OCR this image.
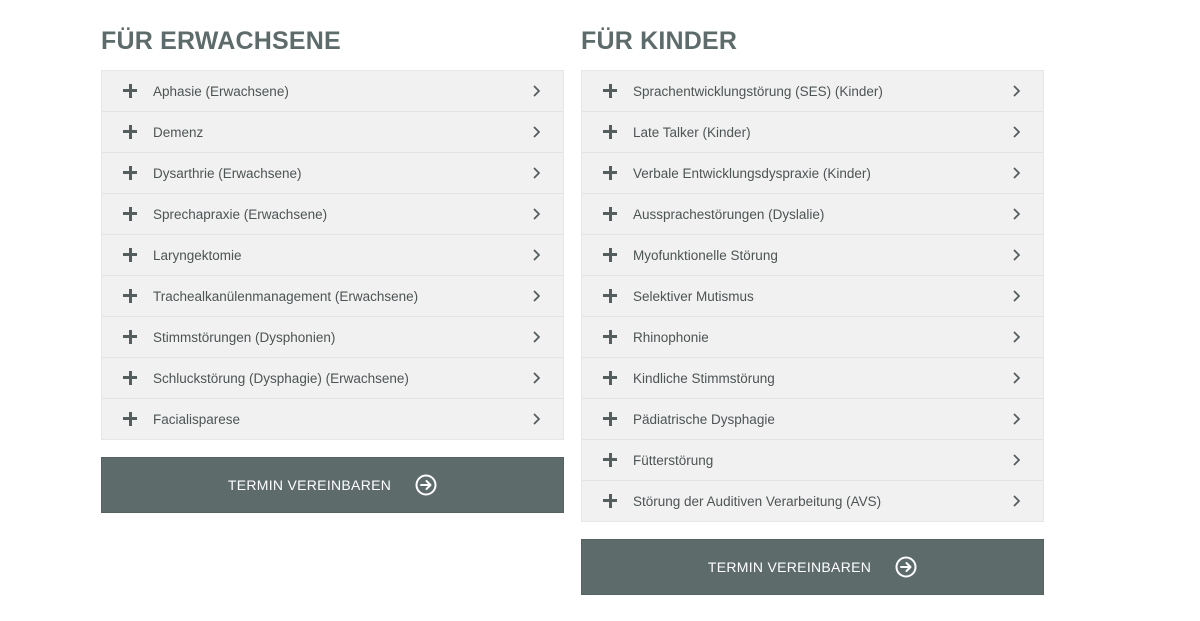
FÜR ERWACHSENE
Aphasie (Erwachsene)
Demenz
Dysarthrie (Erwachsene)
Sprechapraxie (Erwachsene)
Laryngektomie
Trachealkanülenmanagement (Erwachsene)
Stimmstörungen (Dysphonien)
Schluckstörung (Dysphagie) (Erwachsene)
Facialisparese
TERMIN VEREINBAREN
FÜR KINDER
Sprachentwicklungstörung (SES) (Kinder)
Late Talker (Kinder)
Verbale Entwicklungsdyspraxie (Kinder)
Aussprachestörungen (Dyslalie)
Myofunktionelle Störung
Selektiver Mutismus
Rhinophonie
Kindliche Stimmstörung
Pädiatrische Dysphagie
Fütterstörung
Störung der Auditiven Verarbeitung (AVS)
TERMIN VEREINBAREN
